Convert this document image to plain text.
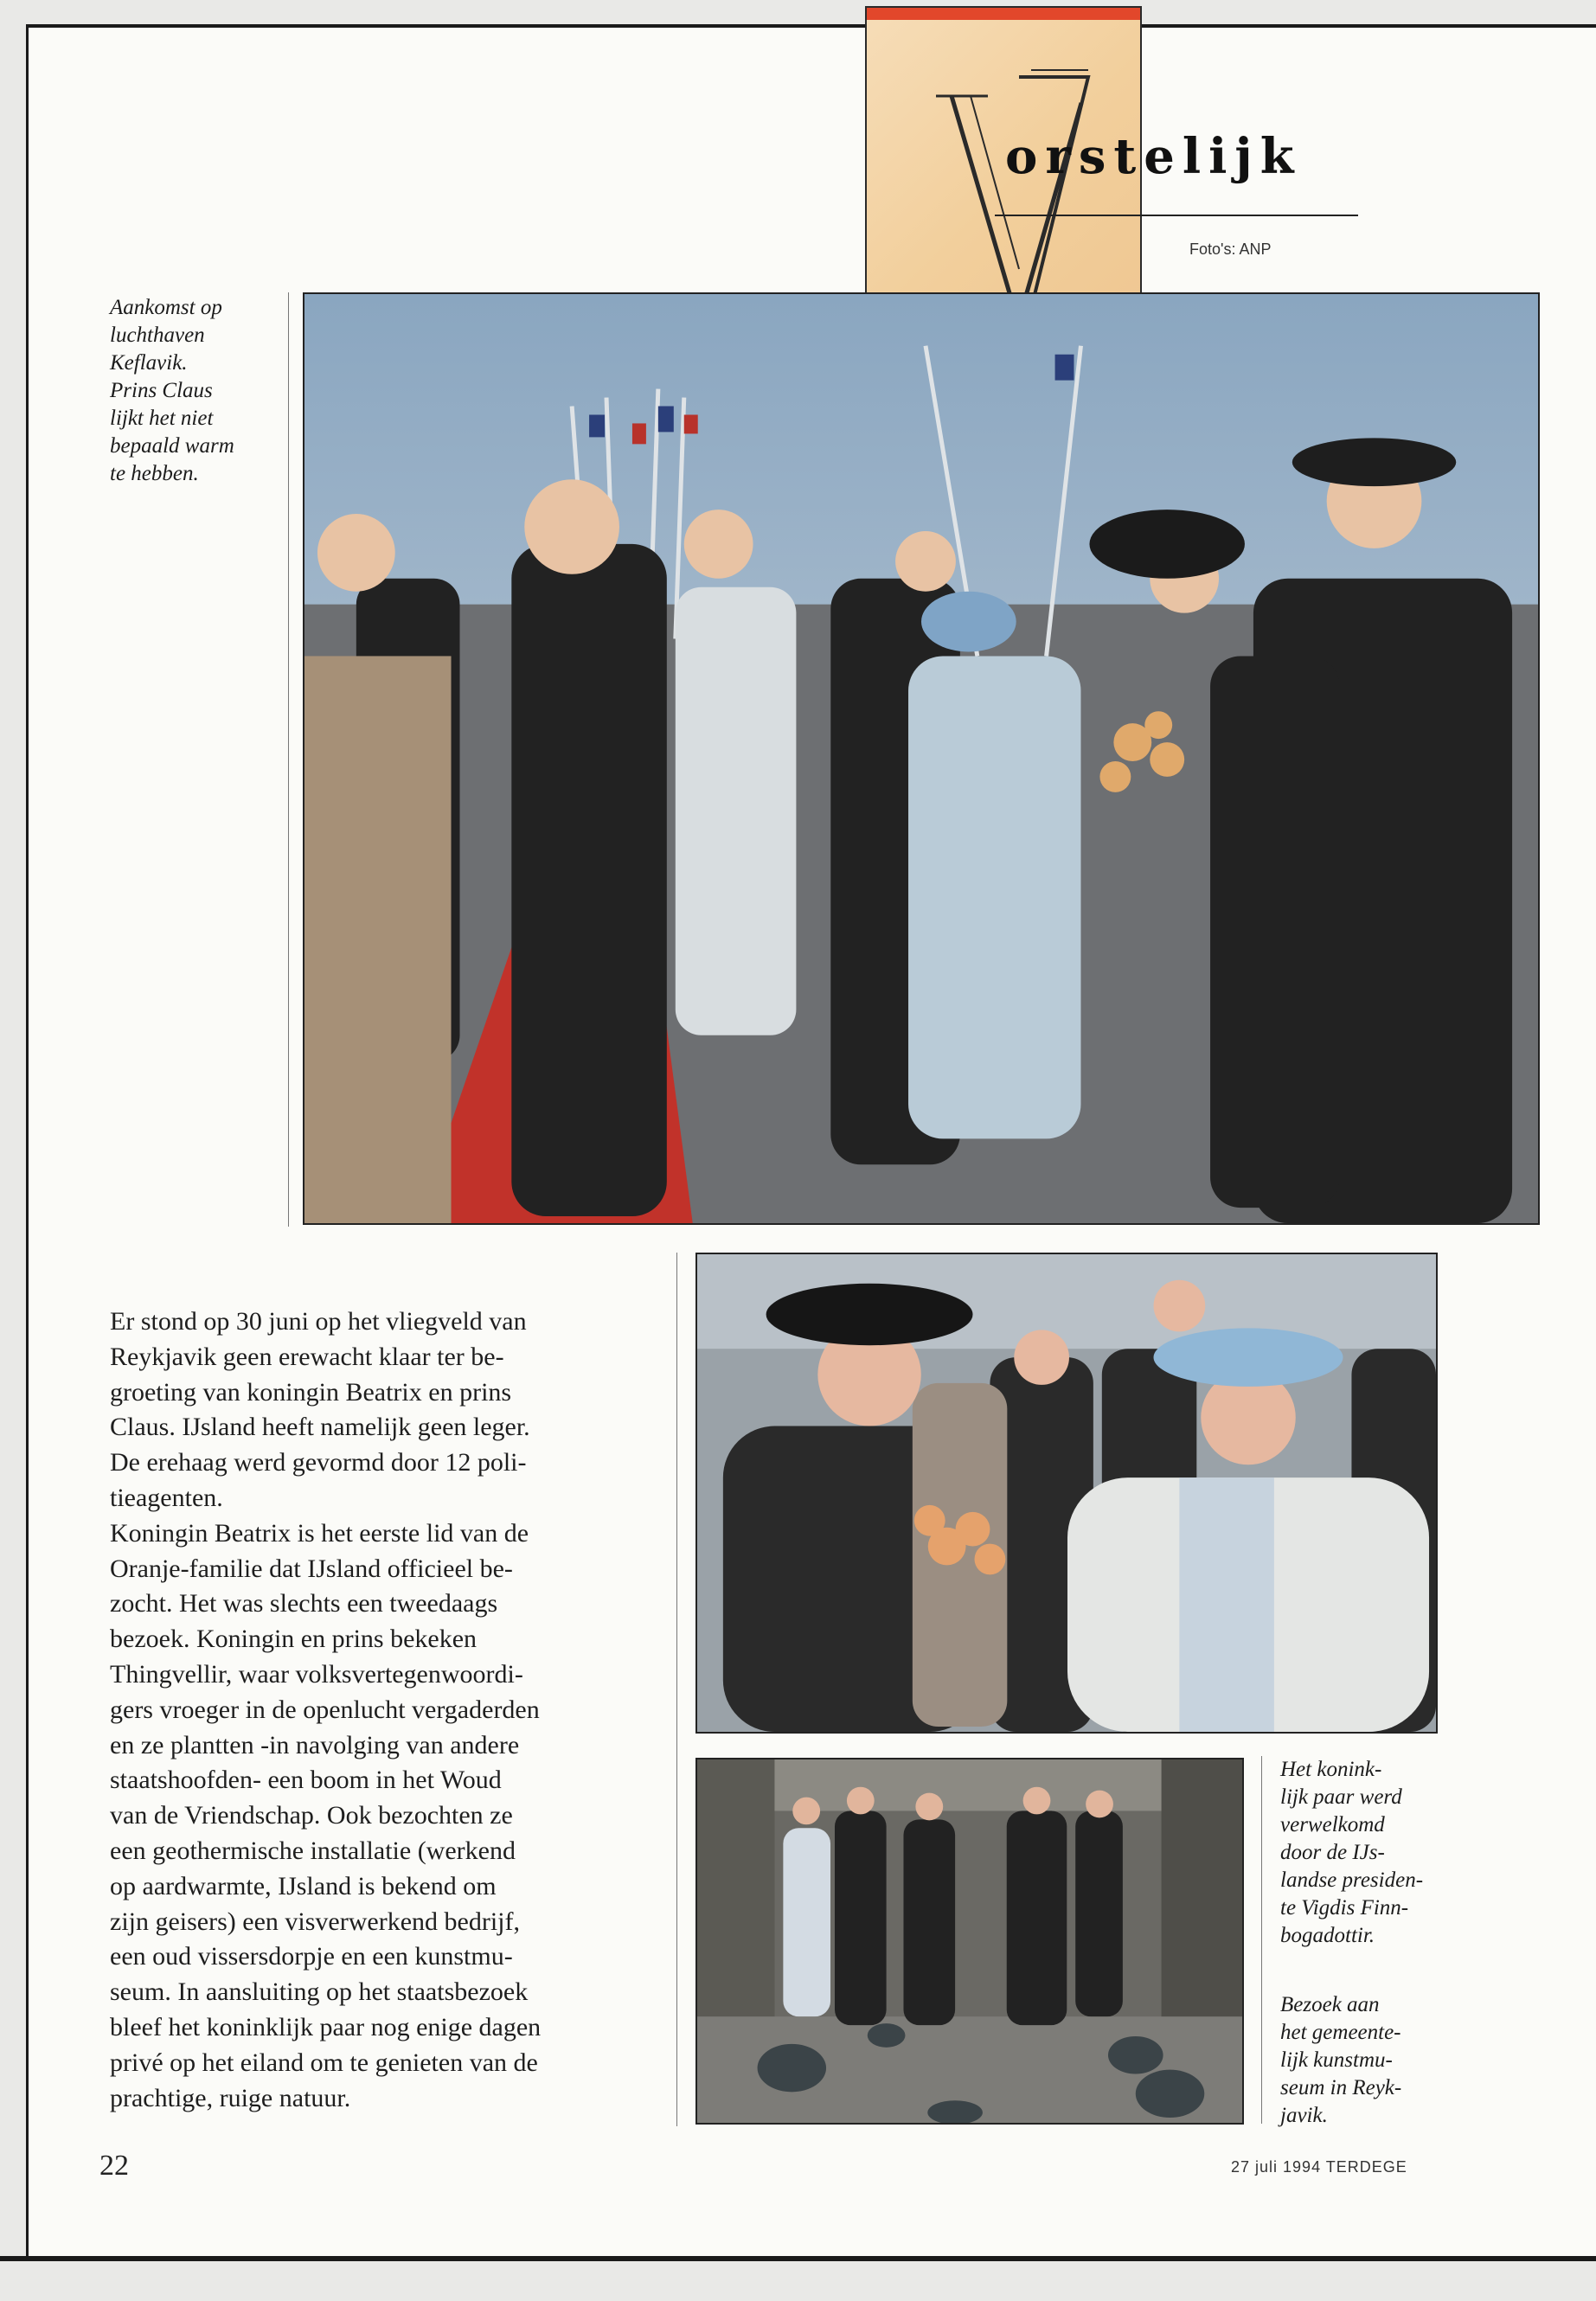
orstelijk
Foto's: ANP
Aankomst op
luchthaven
Keflavik.
Prins Claus
lijkt het niet
bepaald warm
te hebben.
Het konink-
lijk paar werd
verwelkomd
door de IJs-
landse presiden-
te Vigdis Finn-
bogadottir.
Bezoek aan
het gemeente-
lijk kunstmu-
seum in Reyk-
javik.
Er stond op 30 juni op het vliegveld van
Reykjavik geen erewacht klaar ter be-
groeting van koningin Beatrix en prins
Claus. IJsland heeft namelijk geen leger.
De erehaag werd gevormd door 12 poli-
tieagenten.
Koningin Beatrix is het eerste lid van de
Oranje-familie dat IJsland officieel be-
zocht. Het was slechts een tweedaags
bezoek. Koningin en prins bekeken
Thingvellir, waar volksvertegenwoordi-
gers vroeger in de openlucht vergaderden
en ze plantten -in navolging van andere
staatshoofden- een boom in het Woud
van de Vriendschap. Ook bezochten ze
een geothermische installatie (werkend
op aardwarmte, IJsland is bekend om
zijn geisers) een visverwerkend bedrijf,
een oud vissersdorpje en een kunstmu-
seum. In aansluiting op het staatsbezoek
bleef het koninklijk paar nog enige dagen
privé op het eiland om te genieten van de
prachtige, ruige natuur.
22	27 juli 1994 TERDEGE
